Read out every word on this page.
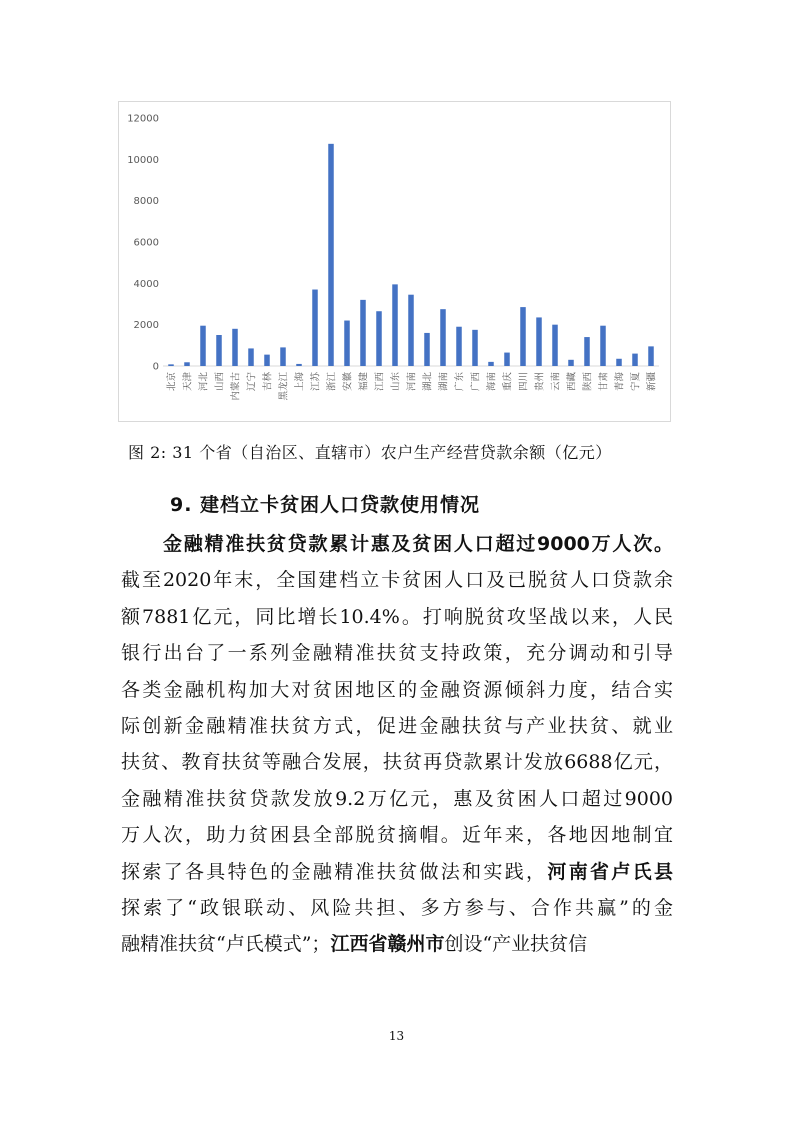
0
2000
4000
6000
8000
10000
12000
北京 天津 河北 山西 内蒙古 辽宁 吉林 黑龙江 上海 江苏 浙江 安徽 福建 江西 山东 河南 湖北 湖南 广东 广西 海南 重庆 四川 贵州 云南 西藏 陕西 甘肃 青海 宁夏 新疆
图 2: 31 个省（自治区、直辖市）农户生产经营贷款余额（亿元）
9. 建档立卡贫困人口贷款使用情况
金融精准扶贫贷款累计惠及贫困人口超过9000万人次。
截至2020年末，全国建档立卡贫困人口及已脱贫人口贷款余
额7881亿元，同比增长10.4%。打响脱贫攻坚战以来，人民
银行出台了一系列金融精准扶贫支持政策，充分调动和引导
各类金融机构加大对贫困地区的金融资源倾斜力度，结合实
际创新金融精准扶贫方式，促进金融扶贫与产业扶贫、就业
扶贫、教育扶贫等融合发展，扶贫再贷款累计发放6688亿元，
金融精准扶贫贷款发放9.2万亿元，惠及贫困人口超过9000
万人次，助力贫困县全部脱贫摘帽。近年来，各地因地制宜
探索了各具特色的金融精准扶贫做法和实践，河南省卢氏县
探索了“政银联动、风险共担、多方参与、合作共赢”的金
融精准扶贫“卢氏模式”；江西省赣州市创设“产业扶贫信
13
